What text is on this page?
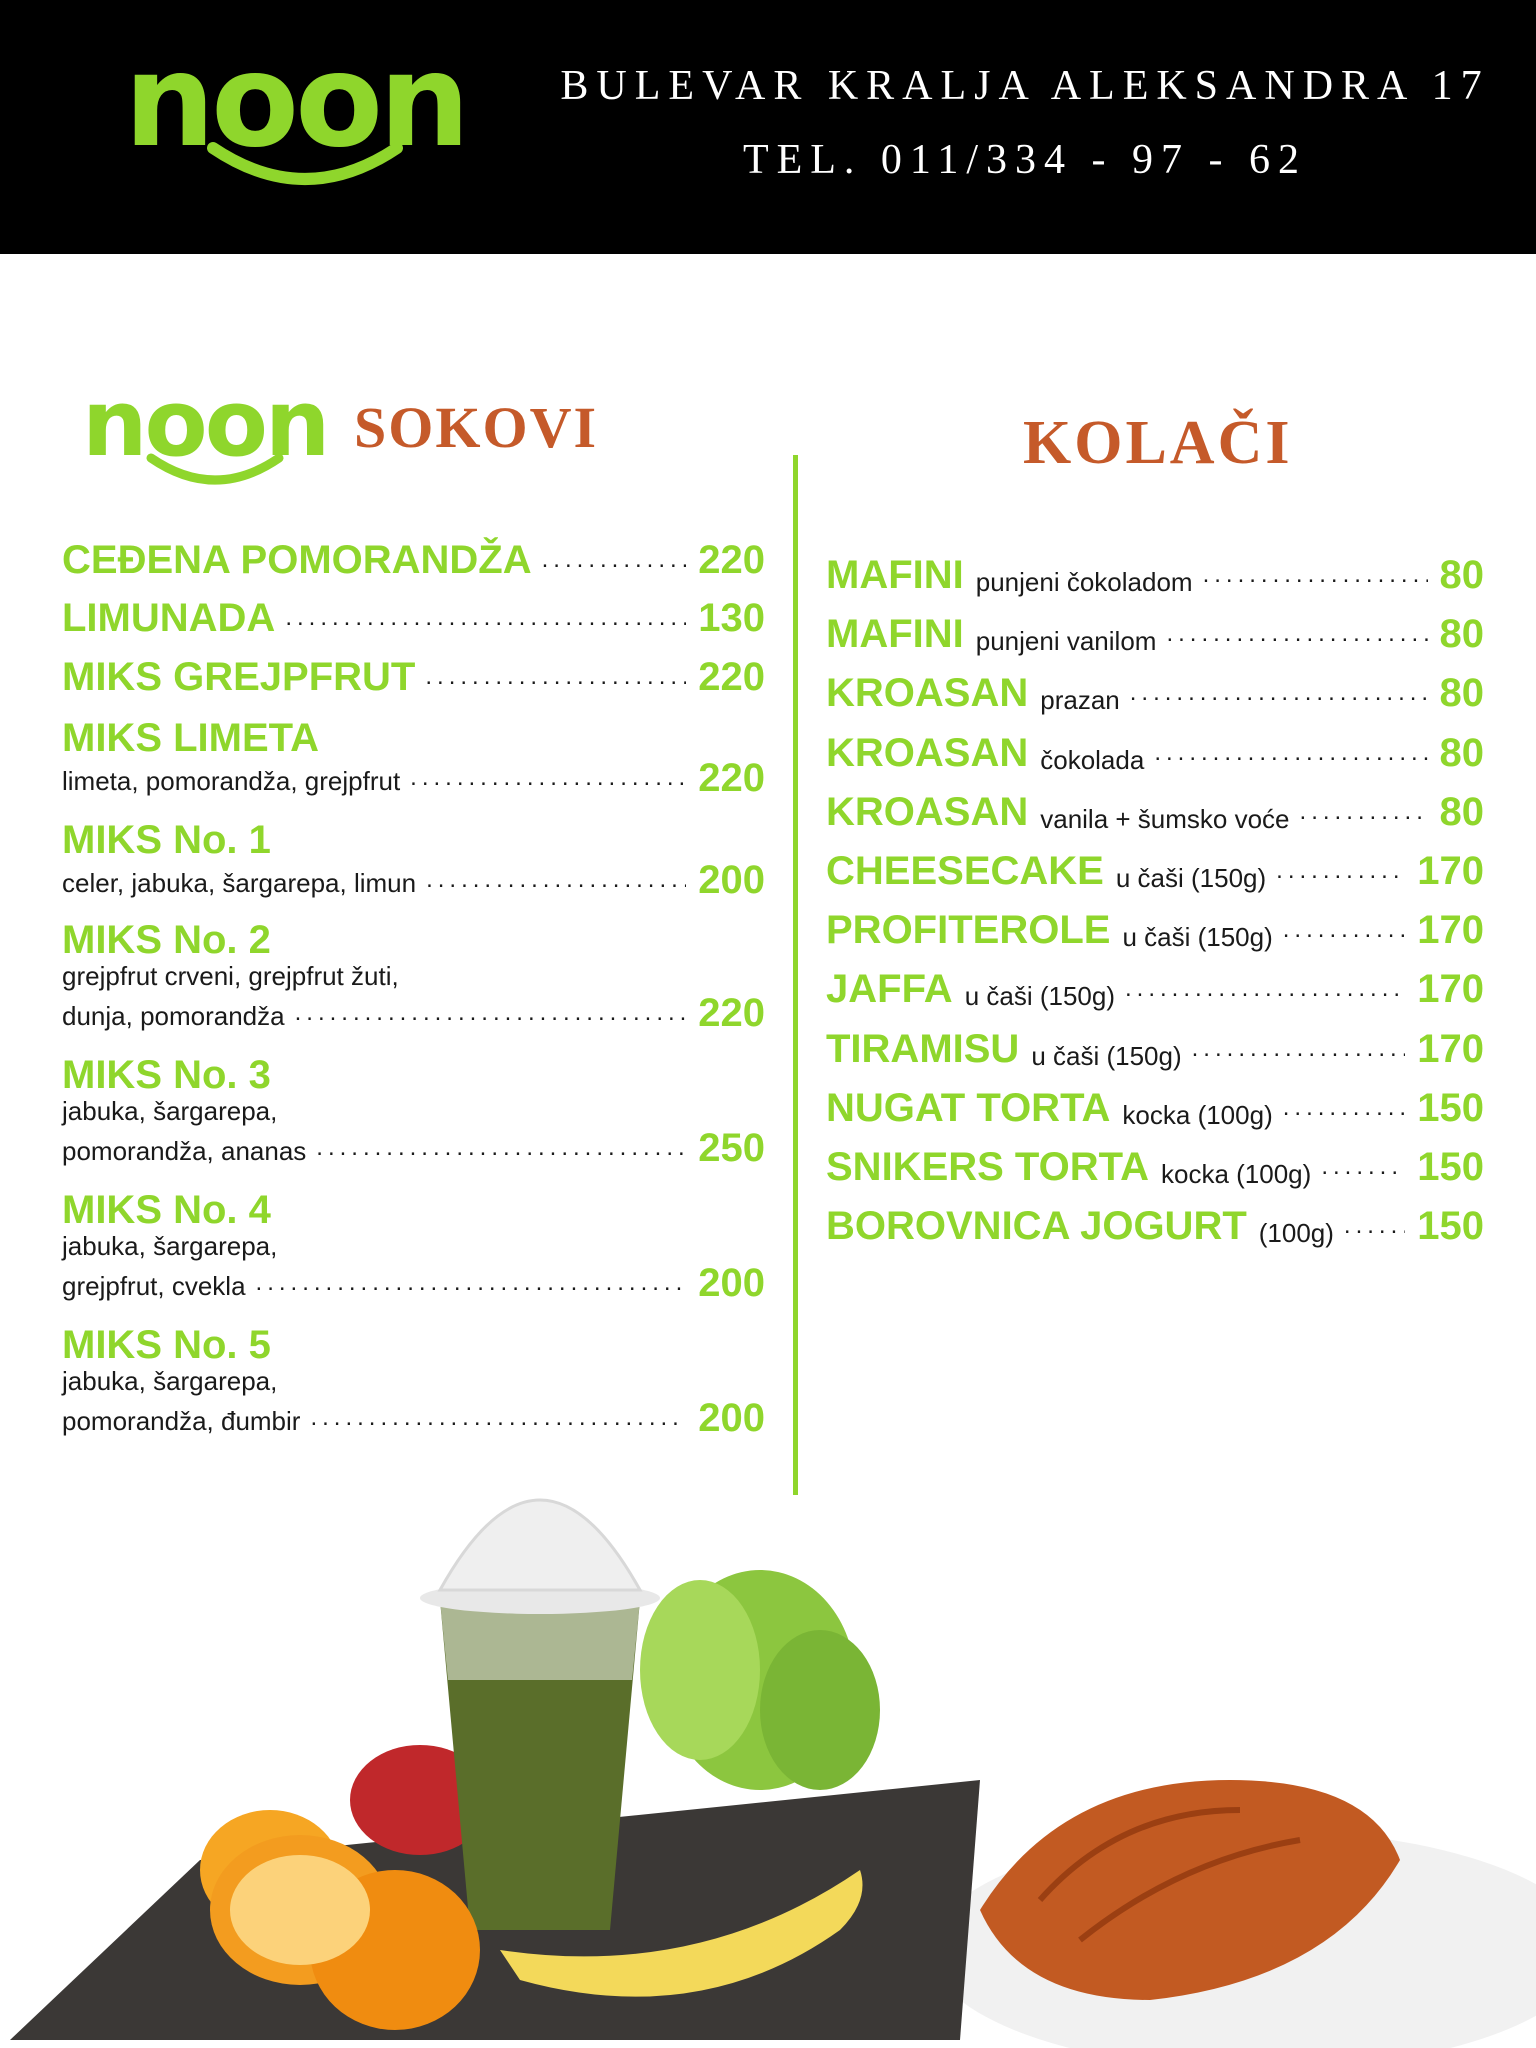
noon BULEVAR KRALJA ALEKSANDRA 17
TEL. 011/334 - 97 - 62
noon SOKOVI	KOLAČI
CEĐENA POMORANDŽA .....	220
LIMUNADA .....	130
MIKS GREJPFRUT .....	220
MIKS LIMETA
limeta, pomorandža, grejpfrut .....	220
MIKS No. 1
celer, jabuka, šargarepa, limun .....	200
MIKS No. 2
grejpfrut crveni, grejpfrut žuti,
dunja, pomorandža .....	220
MIKS No. 3
jabuka, šargarepa,
pomorandža, ananas .....	250
MIKS No. 4
jabuka, šargarepa,
grejpfrut, cvekla .....	200
MIKS No. 5
jabuka, šargarepa,
pomorandža, đumbir .....	200
MAFINI punjeni čokoladom .....	80
MAFINI punjeni vanilom .....	80
KROASAN prazan .....	80
KROASAN čokolada .....	80
KROASAN vanila + šumsko voće .....	80
CHEESECAKE u čaši (150g) .....	170
PROFITEROLE u čaši (150g) .....	170
JAFFA u čaši (150g) .....	170
TIRAMISU u čaši (150g) .....	170
NUGAT TORTA kocka (100g) .....	150
SNIKERS TORTA kocka (100g) .....	150
BOROVNICA JOGURT (100g) ..... 150
